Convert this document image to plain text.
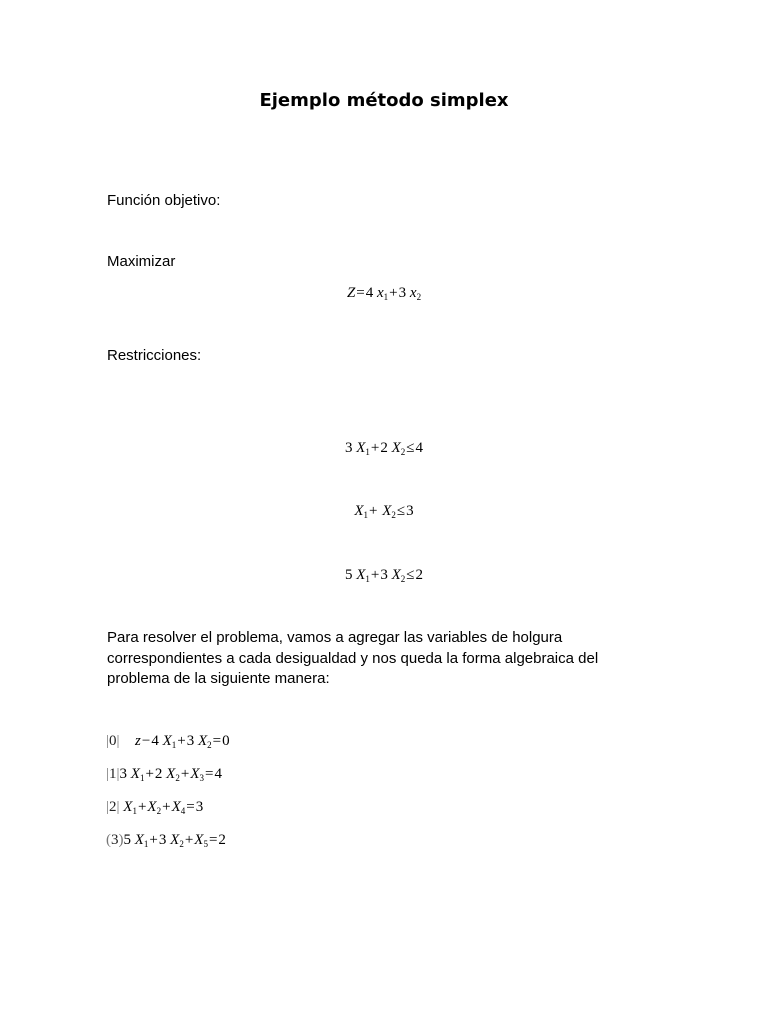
Ejemplo método simplex
Función objetivo:
Maximizar
Z=4 $x_1+3$ $x_2$
Restricciones:
3 $X_1+2$ $X_2\le 4$
$X_1+ X_2\le 3$
5 $X_1+3$ $X_2\le 2$
Para resolver el problema, vamos a agregar las variables de holgura correspondientes a cada desigualdad y nos queda la forma algebraica del problema de la siguiente manera:
|0| z−4 $X_1+3$ $X_2=0$
|1|3 $X_1+2$ $X_2+X_3=4$
|2| $X_1+X_2+X_4=3$
(3)5 $X_1+3$ $X_2+X_5=2$
